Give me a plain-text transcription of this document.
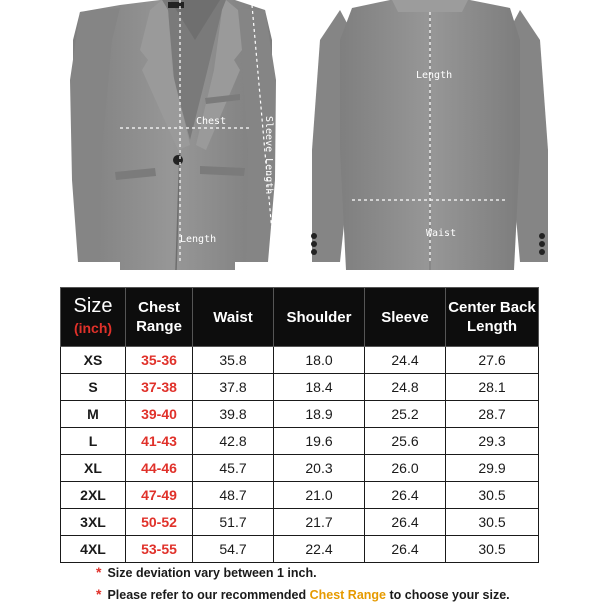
Chest
Length
Sleeve Length
Length
Waist
Size
(inch)	Chest Range	Waist	Shoulder	Sleeve	Center Back Length
XS	35-36	35.8	18.0	24.4	27.6
S	37-38	37.8	18.4	24.8	28.1
M	39-40	39.8	18.9	25.2	28.7
L	41-43	42.8	19.6	25.6	29.3
XL	44-46	45.7	20.3	26.0	29.9
2XL	47-49	48.7	21.0	26.4	30.5
3XL	50-52	51.7	21.7	26.4	30.5
4XL	53-55	54.7	22.4	26.4	30.5
* Size deviation vary between 1 inch.
* Please refer to our recommended Chest Range to choose your size.
